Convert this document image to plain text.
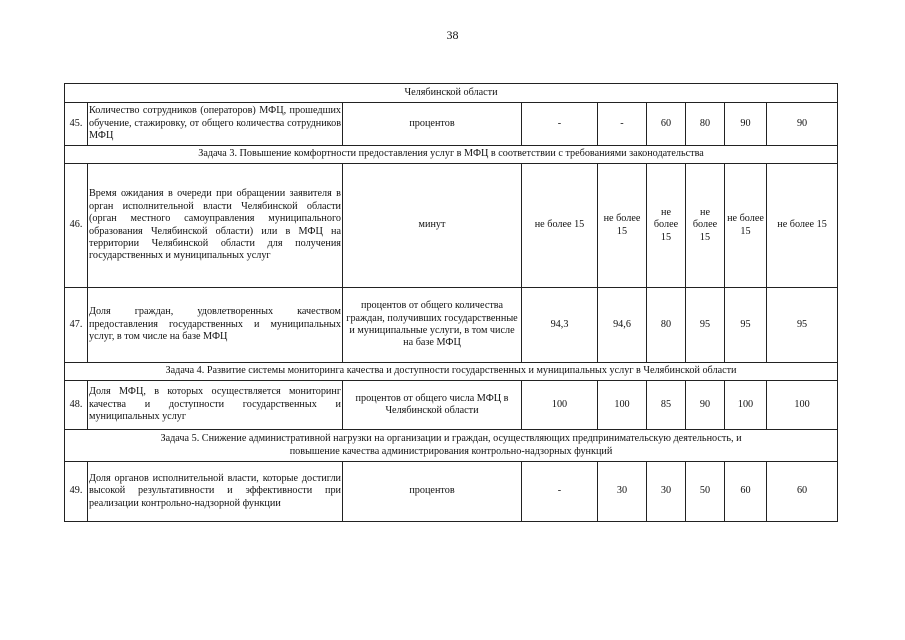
38
Челябинской области								
45.	Количество сотрудников (операторов) МФЦ, прошедших обучение, стажировку, от общего количества сотрудников МФЦ	процентов	-	-	60	80	90	90
Задача 3. Повышение комфортности предоставления услуг в МФЦ в соответствии с требованиями законодательства								
46.	Время ожидания в очереди при обращении заявителя в орган исполнительной власти Челябинской области (орган местного самоуправления муниципального образования Челябинской области) или в МФЦ на территории Челябинской области для получения государственных и муниципальных услуг	минут	не более 15	не более 15	не более 15	не более 15	не более 15	не более 15
47.	Доля граждан, удовлетворенных качеством предоставления государственных и муниципальных услуг, в том числе на базе МФЦ	процентов от общего количества граждан, получивших государственные и муниципальные услуги, в том числе на базе МФЦ	94,3	94,6	80	95	95	95
Задача 4. Развитие системы мониторинга качества и доступности государственных и муниципальных услуг в Челябинской области								
48.	Доля МФЦ, в которых осуществляется мониторинг качества и доступности государственных и муниципальных услуг	процентов от общего числа МФЦ в Челябинской области	100	100	85	90	100	100

Задача 5. Снижение административной нагрузки на организации и граждан, осуществляющих предпринимательскую деятельность, и
повышение качества администрирования контрольно-надзорных функций								

49.	Доля органов исполнительной власти, которые достигли высокой результативности и эффективности при реализации контрольно-надзорной функции	процентов	-	30	30	50	60	60
